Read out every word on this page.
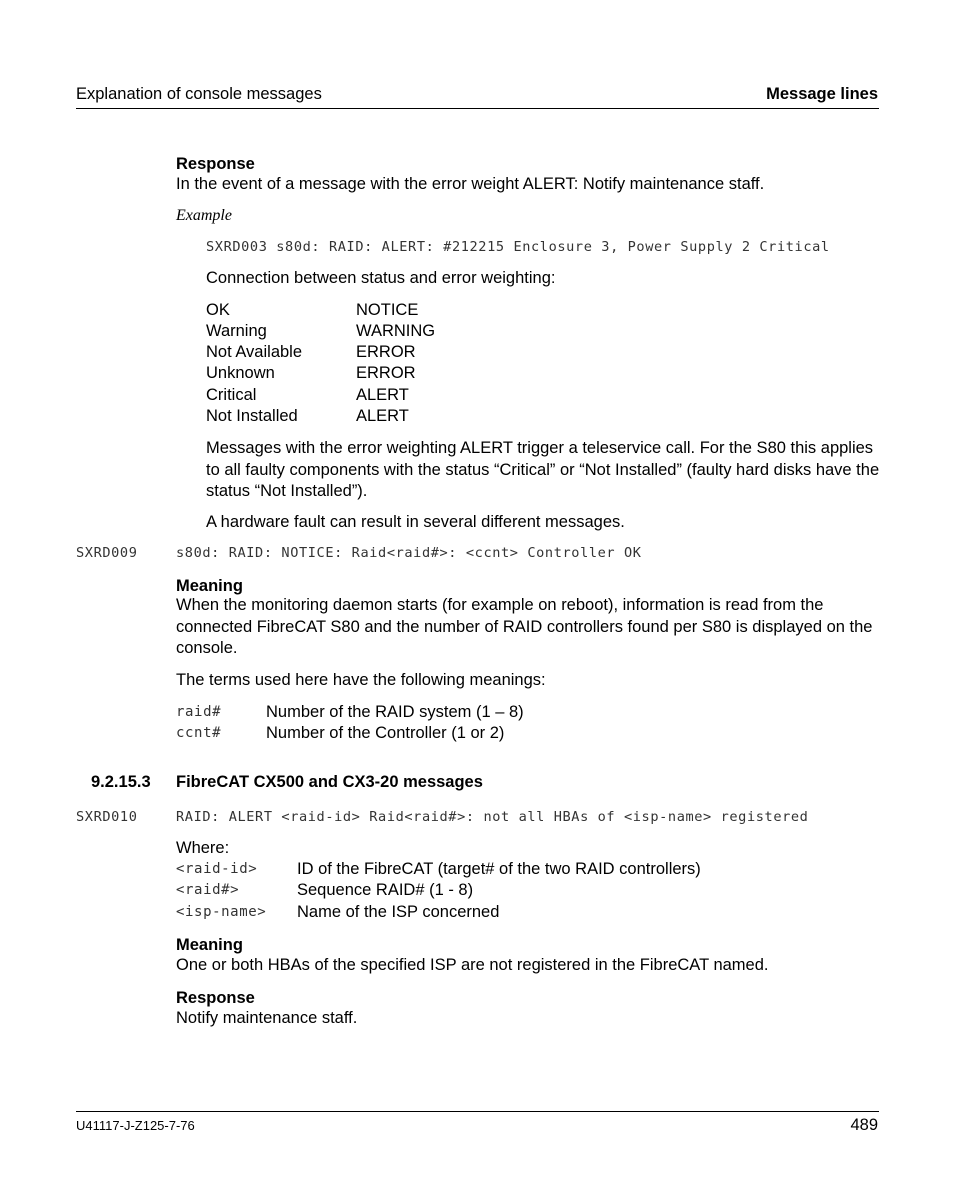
Explanation of console messages	Message lines
Response
In the event of a message with the error weight ALERT: Notify maintenance staff.
Example
SXRD003 s80d: RAID: ALERT: #212215 Enclosure 3, Power Supply 2 Critical
Connection between status and error weighting:
OK	NOTICE
Warning	WARNING
Not Available	ERROR
Unknown	ERROR
Critical	ALERT
Not Installed	ALERT
Messages with the error weighting ALERT trigger a teleservice call. For the S80 this applies to all faulty components with the status “Critical” or “Not Installed” (faulty hard disks have the status “Not Installed”).
A hardware fault can result in several different messages.
SXRD009	s80d: RAID: NOTICE: Raid<raid#>: <ccnt> Controller OK
Meaning
When the monitoring daemon starts (for example on reboot), information is read from the connected FibreCAT S80 and the number of RAID controllers found per S80 is displayed on the console.
The terms used here have the following meanings:
raid#	Number of the RAID system (1 – 8)
ccnt#	Number of the Controller (1 or 2)
9.2.15.3 FibreCAT CX500 and CX3-20 messages
SXRD010	RAID: ALERT <raid-id> Raid<raid#>: not all HBAs of <isp-name> registered
Where:
<raid-id> ID of the FibreCAT (target# of the two RAID controllers)
<raid#>	Sequence RAID# (1 - 8)
<isp-name> Name of the ISP concerned
Meaning
One or both HBAs of the specified ISP are not registered in the FibreCAT named.
Response
Notify maintenance staff.
U41117-J-Z125-7-76	489
